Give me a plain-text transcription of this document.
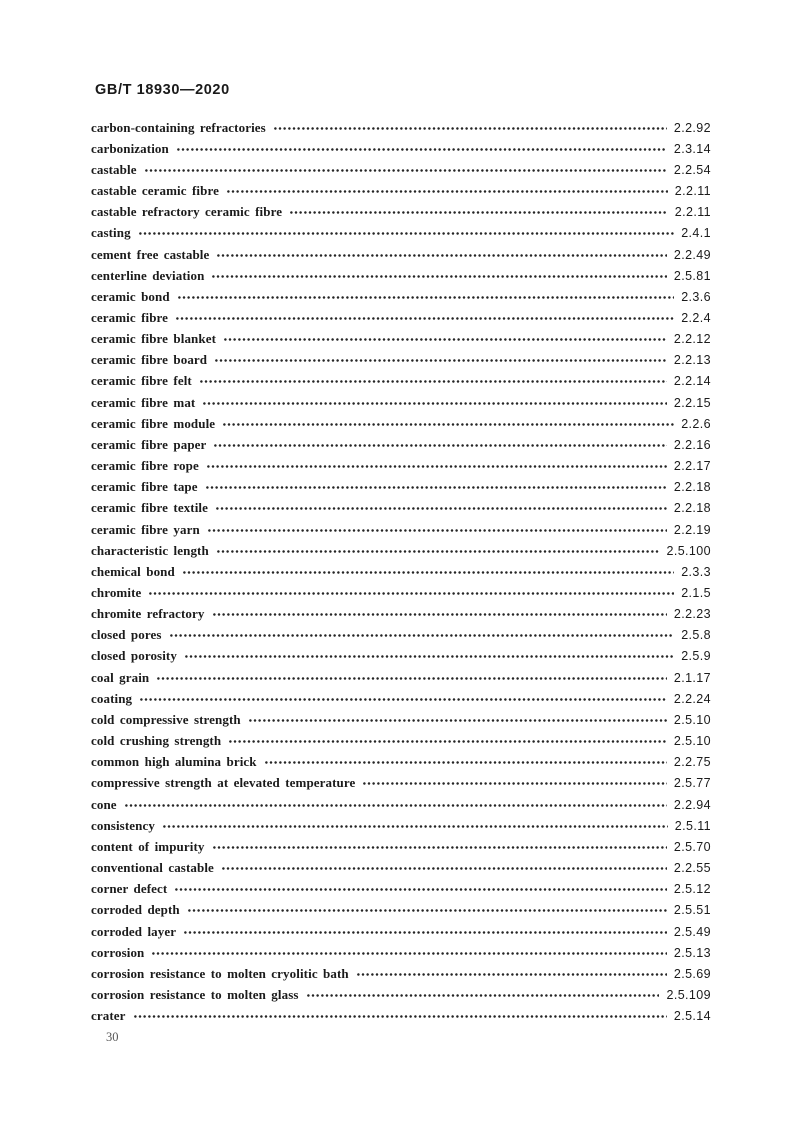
GB/T 18930—2020
carbon-containing refractories	2.2.92
carbonization	2.3.14
castable	2.2.54
castable ceramic fibre	2.2.11
castable refractory ceramic fibre	2.2.11
casting	2.4.1
cement free castable	2.2.49
centerline deviation	2.5.81
ceramic bond	2.3.6
ceramic fibre	2.2.4
ceramic fibre blanket	2.2.12
ceramic fibre board	2.2.13
ceramic fibre felt	2.2.14
ceramic fibre mat	2.2.15
ceramic fibre module	2.2.6
ceramic fibre paper	2.2.16
ceramic fibre rope	2.2.17
ceramic fibre tape	2.2.18
ceramic fibre textile	2.2.18
ceramic fibre yarn	2.2.19
characteristic length	2.5.100
chemical bond	2.3.3
chromite	2.1.5
chromite refractory	2.2.23
closed pores	2.5.8
closed porosity	2.5.9
coal grain	2.1.17
coating	2.2.24
cold compressive strength	2.5.10
cold crushing strength	2.5.10
common high alumina brick	2.2.75
compressive strength at elevated temperature	2.5.77
cone	2.2.94
consistency	2.5.11
content of impurity	2.5.70
conventional castable	2.2.55
corner defect	2.5.12
corroded depth	2.5.51
corroded layer	2.5.49
corrosion	2.5.13
corrosion resistance to molten cryolitic bath	2.5.69
corrosion resistance to molten glass	2.5.109
crater	2.5.14
30
